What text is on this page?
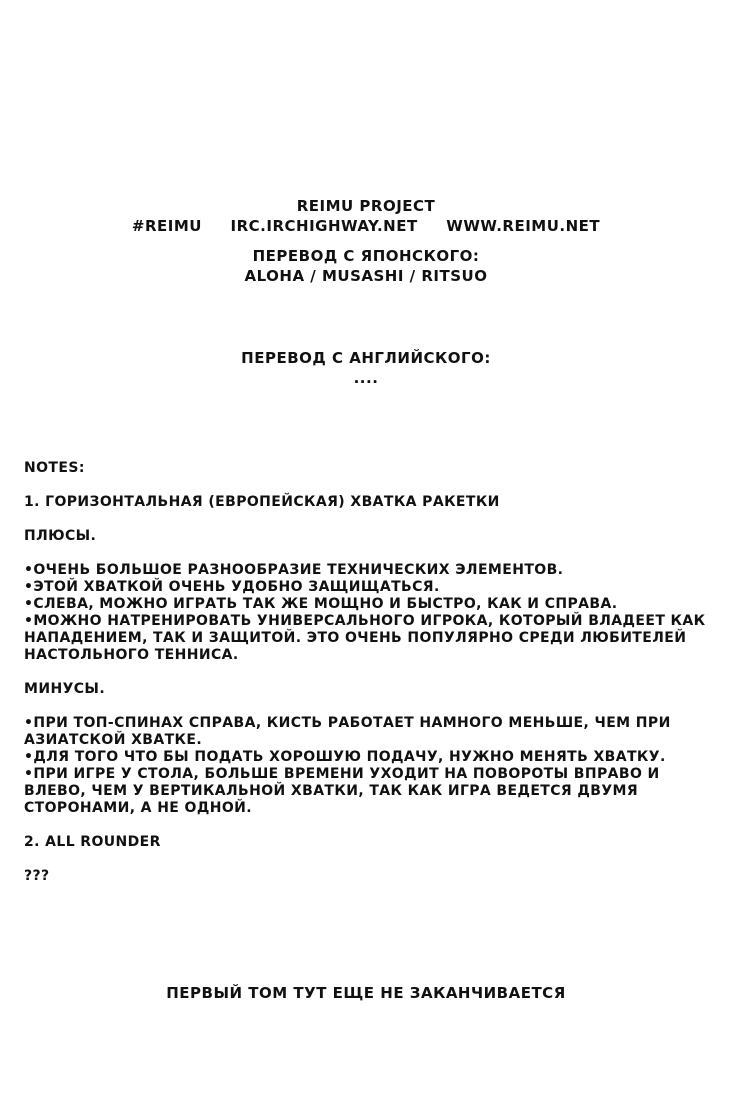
REIMU PROJECT
#REIMU     IRC.IRCHIGHWAY.NET     WWW.REIMU.NET
ПЕРЕВОД С ЯПОНСКОГО:
ALOHA / MUSASHI / RITSUO
ПЕРЕВОД С АНГЛИЙСКОГО:
....

NOTES:

1. ГОРИЗОНТАЛЬНАЯ (ЕВРОПЕЙСКАЯ) ХВАТКА РАКЕТКИ

ПЛЮСЫ.

•ОЧЕНЬ БОЛЬШОЕ РАЗНООБРАЗИЕ ТЕХНИЧЕСКИХ ЭЛЕМЕНТОВ.
•ЭТОЙ ХВАТКОЙ ОЧЕНЬ УДОБНО ЗАЩИЩАТЬСЯ.
•СЛЕВА, МОЖНО ИГРАТЬ ТАК ЖЕ МОЩНО И БЫСТРО, КАК И СПРАВА.
•МОЖНО НАТРЕНИРОВАТЬ УНИВЕРСАЛЬНОГО ИГРОКА, КОТОРЫЙ ВЛАДЕЕТ КАК НАПАДЕНИЕМ, ТАК И ЗАЩИТОЙ. ЭТО ОЧЕНЬ ПОПУЛЯРНО СРЕДИ ЛЮБИТЕЛЕЙ НАСТОЛЬНОГО ТЕННИСА.

МИНУСЫ.

•ПРИ ТОП-СПИНАХ СПРАВА, КИСТЬ РАБОТАЕТ НАМНОГО МЕНЬШЕ, ЧЕМ ПРИ АЗИАТСКОЙ ХВАТКЕ.
•ДЛЯ ТОГО ЧТО БЫ ПОДАТЬ ХОРОШУЮ ПОДАЧУ, НУЖНО МЕНЯТЬ ХВАТКУ.
•ПРИ ИГРЕ У СТОЛА, БОЛЬШЕ ВРЕМЕНИ УХОДИТ НА ПОВОРОТЫ ВПРАВО И ВЛЕВО, ЧЕМ У ВЕРТИКАЛЬНОЙ ХВАТКИ, ТАК КАК ИГРА ВЕДЕТСЯ ДВУМЯ СТОРОНАМИ, А НЕ ОДНОЙ.

2. ALL ROUNDER

???

ПЕРВЫЙ ТОМ ТУТ ЕЩЕ НЕ ЗАКАНЧИВАЕТСЯ
